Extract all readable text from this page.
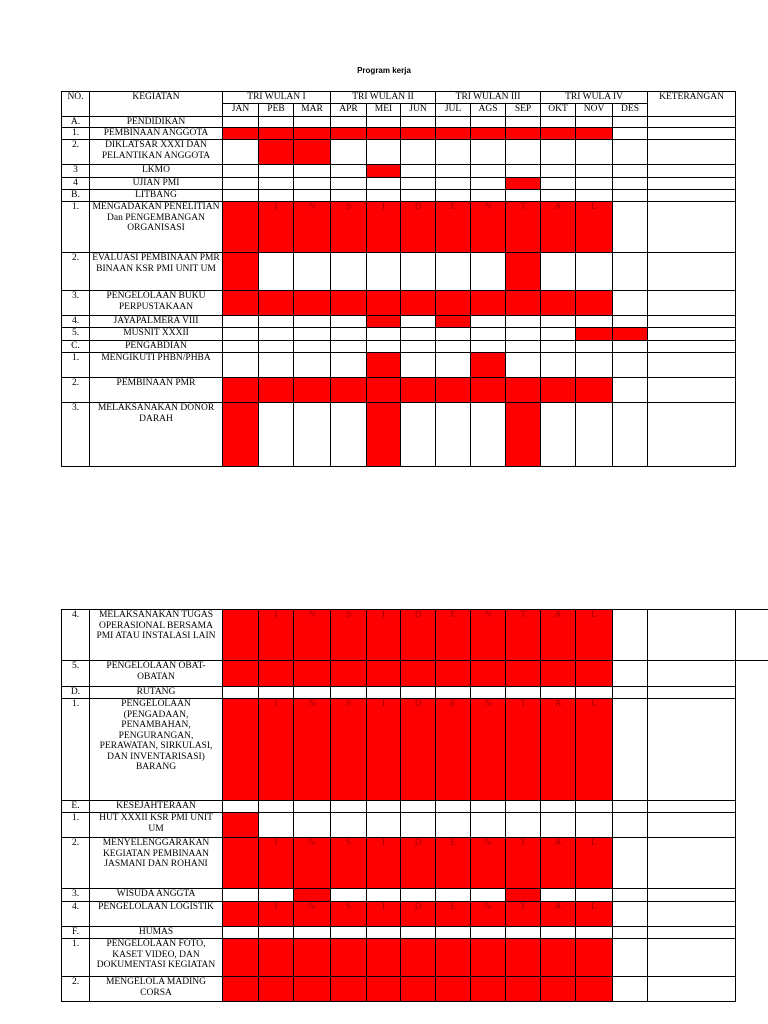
Program kerja
NO.	KEGIATAN	TRI WULAN I			TRI WULAN II			TRI WULAN III			TRI WULA IV			KETERANGAN
		JAN	PEB	MAR	APR	MEI	JUN	JUL	AGS	SEP	OKT	NOV	DES	
A.	PENDIDIKAN													
1.	PEMBINAAN ANGGOTA													
2.	DIKLATSAR XXXI DAN PELANTIKAN ANGGOTA													
3	LKMO													
4	UJIAN PMI													
B.	LITBANG													
1.	MENGADAKAN PENELITIAN Dan PENGEMBANGAN ORGANISASI		I	N	S	I	D	E	N	T	A	L		
2.	EVALUASI PEMBINAAN PMR BINAAN KSR PMI UNIT UM													
3.	PENGELOLAAN BUKU PERPUSTAKAAN													
4.	JAYAPALMERA VIII													
5.	MUSNIT XXXII													
C.	PENGABDIAN													
1.	MENGIKUTI PHBN/PHBA													
2.	PEMBINAAN PMR													
3.	MELAKSANAKAN DONOR DARAH													
4.	MELAKSANAKAN TUGAS OPERASIONAL BERSAMA PMI ATAU INSTALASI LAIN		I	N	S	I	D	E	N	T	A	L			
5.	PENGELOLAAN OBAT-OBATAN														
D.	RUTANG														
1.	PENGELOLAAN (PENGADAAN, PENAMBAHAN, PENGURANGAN, PERAWATAN, SIRKULASI, DAN INVENTARISASI) BARANG		I	N	S	I	D	E	N	T	A	L			
E.	KESEJAHTERAAN														
1.	HUT XXXII KSR PMI UNIT UM														
2.	MENYELENGGARAKAN KEGIATAN PEMBINAAN JASMANI DAN ROHANI		I	N	S	I	D	E	N	T	A	L			
3.	WISUDA ANGGTA														
4.	PENGELOLAAN LOGISTIK		I	N	S	I	D	E	N	T	A	L			
F.	HUMAS														
1.	PENGELOLAAN FOTO, KASET VIDEO, DAN DOKUMENTASI KEGIATAN														
2.	MENGELOLA MADING CORSA														
